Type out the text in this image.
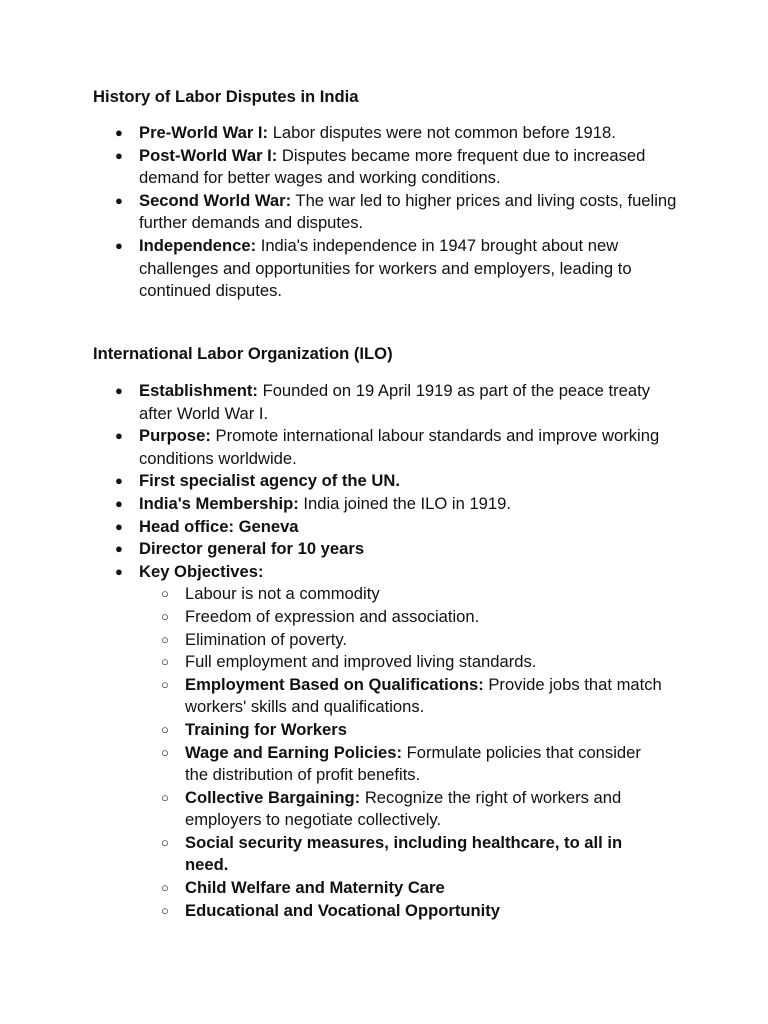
History of Labor Disputes in India
● Pre-World War I: Labor disputes were not common before 1918.
● Post-World War I: Disputes became more frequent due to increased demand for better wages and working conditions.
● Second World War: The war led to higher prices and living costs, fueling further demands and disputes.
● Independence: India's independence in 1947 brought about new challenges and opportunities for workers and employers, leading to continued disputes.
International Labor Organization (ILO)
● Establishment: Founded on 19 April 1919 as part of the peace treaty after World War I.
● Purpose: Promote international labour standards and improve working conditions worldwide.
● First specialist agency of the UN.
● India's Membership: India joined the ILO in 1919.
● Head office: Geneva
● Director general for 10 years
● Key Objectives:
○ Labour is not a commodity
○ Freedom of expression and association.
○ Elimination of poverty.
○ Full employment and improved living standards.
○ Employment Based on Qualifications: Provide jobs that match workers' skills and qualifications.
○ Training for Workers
○ Wage and Earning Policies: Formulate policies that consider the distribution of profit benefits.
○ Collective Bargaining: Recognize the right of workers and employers to negotiate collectively.
○ Social security measures, including healthcare, to all in need.
○ Child Welfare and Maternity Care
○ Educational and Vocational Opportunity
